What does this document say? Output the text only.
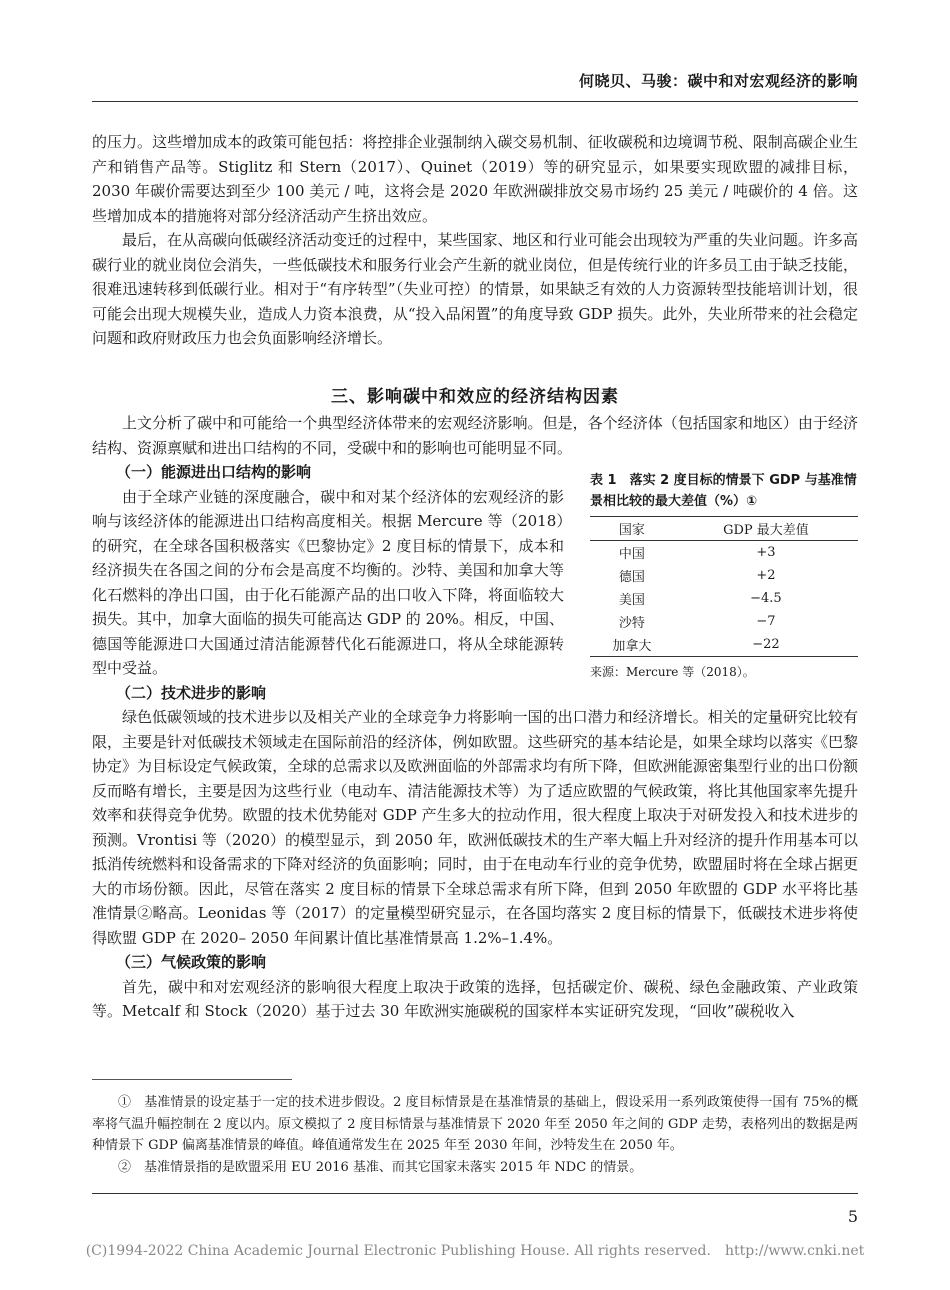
何晓贝、马骏：碳中和对宏观经济的影响

的压力。这些增加成本的政策可能包括：将控排企业强制纳入碳交易机制、征收碳税和边境调节税、限制高碳企业生产和销售产品等。Stiglitz 和 Stern（2017）、Quinet（2019）等的研究显示，如果要实现欧盟的减排目标，2030 年碳价需要达到至少 100 美元 / 吨，这将会是 2020 年欧洲碳排放交易市场约 25 美元 / 吨碳价的 4 倍。这些增加成本的措施将对部分经济活动产生挤出效应。

最后，在从高碳向低碳经济活动变迁的过程中，某些国家、地区和行业可能会出现较为严重的失业问题。许多高碳行业的就业岗位会消失，一些低碳技术和服务行业会产生新的就业岗位，但是传统行业的许多员工由于缺乏技能，很难迅速转移到低碳行业。相对于“有序转型”（失业可控）的情景，如果缺乏有效的人力资源转型技能培训计划，很可能会出现大规模失业，造成人力资本浪费，从“投入品闲置”的角度导致 GDP 损失。此外，失业所带来的社会稳定问题和政府财政压力也会负面影响经济增长。

三、影响碳中和效应的经济结构因素

上文分析了碳中和可能给一个典型经济体带来的宏观经济影响。但是，各个经济体（包括国家和地区）由于经济结构、资源禀赋和进出口结构的不同，受碳中和的影响也可能明显不同。

（一）能源进出口结构的影响

由于全球产业链的深度融合，碳中和对某个经济体的宏观经济的影响与该经济体的能源进出口结构高度相关。根据 Mercure 等（2018）的研究，在全球各国积极落实《巴黎协定》2 度目标的情景下，成本和经济损失在各国之间的分布会是高度不均衡的。沙特、美国和加拿大等化石燃料的净出口国，由于化石能源产品的出口收入下降，将面临较大损失。其中，加拿大面临的损失可能高达 GDP 的 20%。相反，中国、德国等能源进口大国通过清洁能源替代化石能源进口，将从全球能源转型中受益。

（二）技术进步的影响

绿色低碳领域的技术进步以及相关产业的全球竞争力将影响一国的出口潜力和经济增长。相关的定量研究比较有限，主要是针对低碳技术领域走在国际前沿的经济体，例如欧盟。这些研究的基本结论是，如果全球均以落实《巴黎协定》为目标设定气候政策，全球的总需求以及欧洲面临的外部需求均有所下降，但欧洲能源密集型行业的出口份额反而略有增长，主要是因为这些行业（电动车、清洁能源技术等）为了适应欧盟的气候政策，将比其他国家率先提升效率和获得竞争优势。欧盟的技术优势能对 GDP 产生多大的拉动作用，很大程度上取决于对研发投入和技术进步的预测。Vrontisi 等（2020）的模型显示，到 2050 年，欧洲低碳技术的生产率大幅上升对经济的提升作用基本可以抵消传统燃料和设备需求的下降对经济的负面影响；同时，由于在电动车行业的竞争优势，欧盟届时将在全球占据更大的市场份额。因此，尽管在落实 2 度目标的情景下全球总需求有所下降，但到 2050 年欧盟的 GDP 水平将比基准情景②略高。Leonidas 等（2017）的定量模型研究显示，在各国均落实 2 度目标的情景下，低碳技术进步将使得欧盟 GDP 在 2020– 2050 年间累计值比基准情景高 1.2%–1.4%。

（三）气候政策的影响

首先，碳中和对宏观经济的影响很大程度上取决于政策的选择，包括碳定价、碳税、绿色金融政策、产业政策等。Metcalf 和 Stock（2020）基于过去 30 年欧洲实施碳税的国家样本实证研究发现，“回收”碳税收入

表 1　落实 2 度目标的情景下 GDP 与基准情景相比较的最大差值（%）①
国家	GDP 最大差值
中国	+3
德国	+2
美国	−4.5
沙特	−7
加拿大	−22
来源：Mercure 等（2018）。

①　基准情景的设定基于一定的技术进步假设。2 度目标情景是在基准情景的基础上，假设采用一系列政策使得一国有 75%的概率将气温升幅控制在 2 度以内。原文模拟了 2 度目标情景与基准情景下 2020 年至 2050 年之间的 GDP 走势，表格列出的数据是两种情景下 GDP 偏离基准情景的峰值。峰值通常发生在 2025 年至 2030 年间，沙特发生在 2050 年。

②　基准情景指的是欧盟采用 EU 2016 基准、而其它国家未落实 2015 年 NDC 的情景。

5
(C)1994-2022 China Academic Journal Electronic Publishing House. All rights reserved.　http://www.cnki.net
